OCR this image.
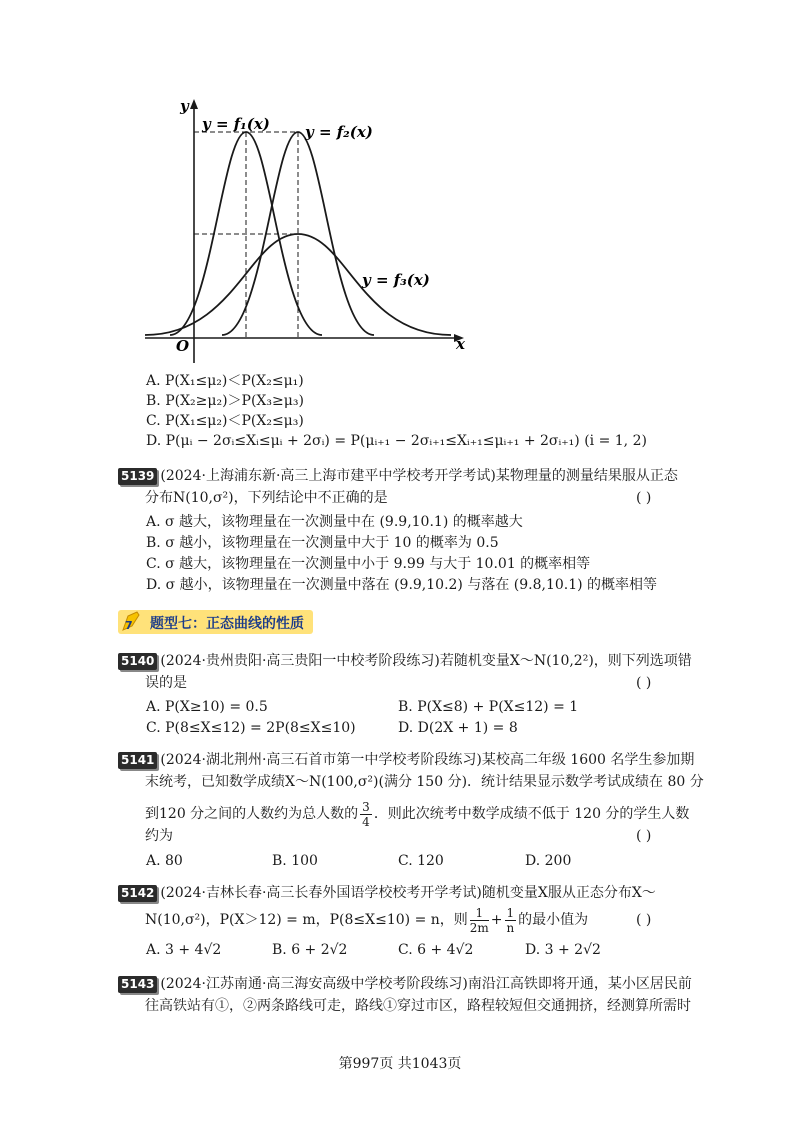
y
x
O
y = f₁(x) y = f₂(x)
y = f₃(x)
A. P(X₁≤μ₂)＜P(X₂≤μ₁)
B. P(X₂≥μ₂)＞P(X₃≥μ₃)
C. P(X₁≤μ₂)＜P(X₂≤μ₃)
D. P(μᵢ − 2σᵢ≤Xᵢ≤μᵢ + 2σᵢ) = P(μᵢ₊₁ − 2σᵢ₊₁≤Xᵢ₊₁≤μᵢ₊₁ + 2σᵢ₊₁) (i = 1, 2)
5139 (2024·上海浦东新·高三上海市建平中学校考开学考试)某物理量的测量结果服从正态
分布N(10,σ²)，下列结论中不正确的是	( )
A. σ 越大，该物理量在一次测量中在 (9.9,10.1) 的概率越大
B. σ 越小，该物理量在一次测量中大于 10 的概率为 0.5
C. σ 越大，该物理量在一次测量中小于 9.99 与大于 10.01 的概率相等
D. σ 越小，该物理量在一次测量中落在 (9.9,10.2) 与落在 (9.8,10.1) 的概率相等
7 题型七：正态曲线的性质
5140 (2024·贵州贵阳·高三贵阳一中校考阶段练习)若随机变量X～N(10,2²)，则下列选项错
误的是	( )
A. P(X≥10) = 0.5	B. P(X≤8) + P(X≤12) = 1
C. P(8≤X≤12) = 2P(8≤X≤10)	D. D(2X + 1) = 8
5141 (2024·湖北荆州·高三石首市第一中学校考阶段练习)某校高二年级 1600 名学生参加期
末统考，已知数学成绩X～N(100,σ²)(满分 150 分)．统计结果显示数学考试成绩在 80 分
到120 分之间的人数约为总人数的 $\frac{3}{4}$ ．则此次统考中数学成绩不低于 120 分的学生人数
约为	( )
A. 80	B. 100	C. 120	D. 200
5142 (2024·吉林长春·高三长春外国语学校校考开学考试)随机变量X服从正态分布X～
N(10,σ²)，P(X＞12) = m，P(8≤X≤10) = n，则 $\frac{1}{2m} + \frac{1}{n}$ 的最小值为	( )
A. 3 + 4√2	B. 6 + 2√2	C. 6 + 4√2	D. 3 + 2√2
5143 (2024·江苏南通·高三海安高级中学校考阶段练习)南沿江高铁即将开通，某小区居民前
往高铁站有①，②两条路线可走，路线①穿过市区，路程较短但交通拥挤，经测算所需时
第997页 共1043页
